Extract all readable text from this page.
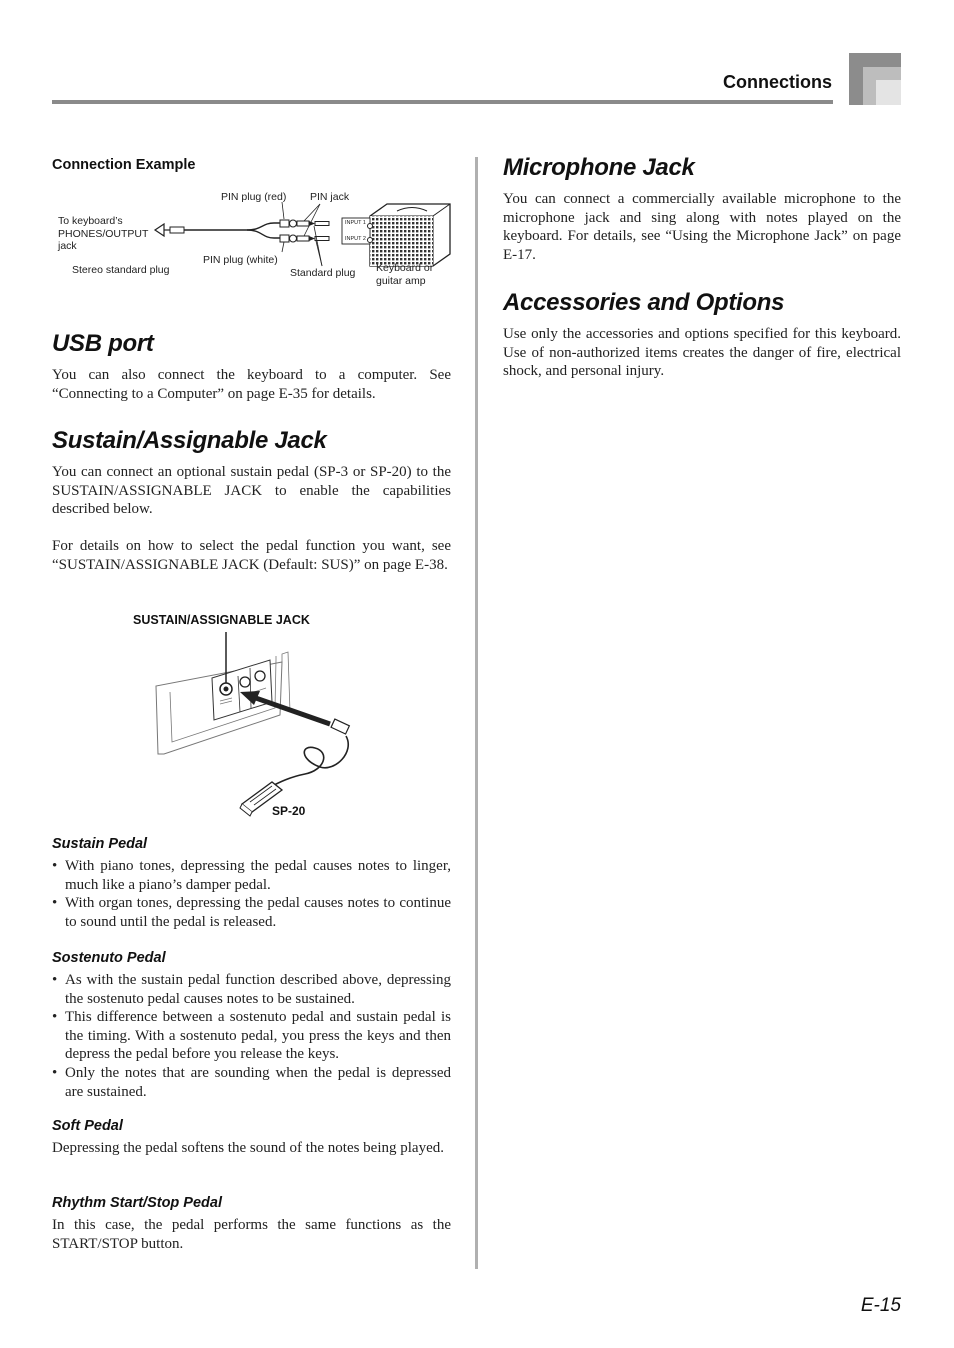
Connections
Connection Example
To keyboard’s PHONES/OUTPUT jack
Stereo standard plug
PIN plug (red)
PIN plug (white)
PIN jack
Standard plug Keyboard or guitar amp
INPUT 1
INPUT 2
USB port

You can also connect the keyboard to a computer. See “Connecting to a Computer” on page E-35 for details.

Sustain/Assignable Jack

You can connect an optional sustain pedal (SP-3 or SP-20) to the SUSTAIN/ASSIGNABLE JACK to enable the capabilities described below.

For details on how to select the pedal function you want, see “SUSTAIN/ASSIGNABLE JACK (Default: SUS)” on page E-38.

SUSTAIN/ASSIGNABLE JACK
SP-20
Sustain Pedal
• With piano tones, depressing the pedal causes notes to linger, much like a piano’s damper pedal.
• With organ tones, depressing the pedal causes notes to continue to sound until the pedal is released.
Sostenuto Pedal
• As with the sustain pedal function described above, depressing the sostenuto pedal causes notes to be sustained.
• This difference between a sostenuto pedal and sustain pedal is the timing. With a sostenuto pedal, you press the keys and then depress the pedal before you release the keys.
• Only the notes that are sounding when the pedal is depressed are sustained.
Soft Pedal

Depressing the pedal softens the sound of the notes being played.

Rhythm Start/Stop Pedal

In this case, the pedal performs the same functions as the START/STOP button.

Microphone Jack

You can connect a commercially available microphone to the microphone jack and sing along with notes played on the keyboard. For details, see “Using the Microphone Jack” on page E-17.

Accessories and Options

Use only the accessories and options specified for this keyboard. Use of non-authorized items creates the danger of fire, electrical shock, and personal injury.

E-15
